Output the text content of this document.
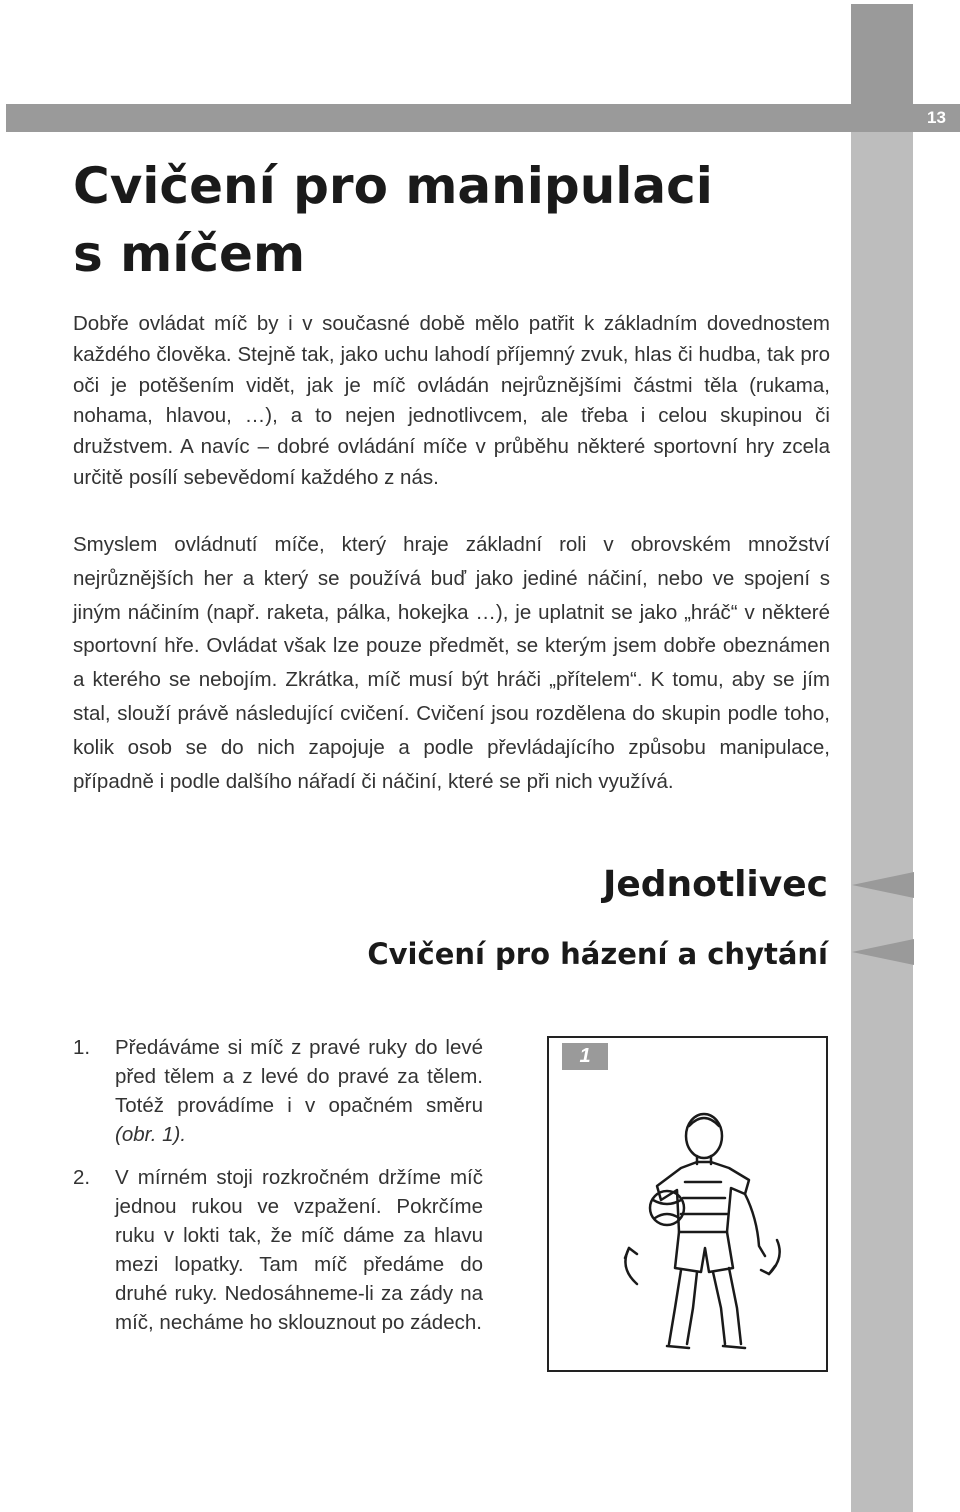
13
Cvičení pro manipulaci
s míčem

Dobře ovládat míč by i v současné době mělo patřit k základním dovednostem každého člověka. Stejně tak, jako uchu lahodí příjemný zvuk, hlas či hudba, tak pro oči je potěšením vidět, jak je míč ovládán nejrůznějšími částmi těla (rukama, nohama, hlavou, …), a to nejen jednotlivcem, ale třeba i celou skupinou či družstvem. A navíc – dobré ovládání míče v průběhu některé sportovní hry zcela určitě posílí sebevědomí každého z nás.

Smyslem ovládnutí míče, který hraje základní roli v obrovském množství nejrůznějších her a který se používá buď jako jediné náčiní, nebo ve spojení s jiným náčiním (např. raketa, pálka, hokejka …), je uplatnit se jako „hráč“ v některé sportovní hře. Ovládat však lze pouze předmět, se kterým jsem dobře obeznámen a kterého se nebojím. Zkrátka, míč musí být hráči „přítelem“. K tomu, aby se jím stal, slouží právě následující cvičení. Cvičení jsou rozdělena do skupin podle toho, kolik osob se do nich zapojuje a podle převládajícího způsobu manipulace, případně i podle dalšího nářadí či náčiní, které se při nich využívá.

Jednotlivec
Cvičení pro házení a chytání
1.	Předáváme si míč z pravé ruky do levé před tělem a z levé do pravé za tělem. Totéž provádíme i v opačném směru (obr. 1).
2.	V mírném stoji rozkročném držíme míč jednou rukou ve vzpažení. Pokrčíme ruku v lokti tak, že míč dáme za hlavu mezi lopatky. Tam míč předáme do druhé ruky. Nedosáhneme-li za zády na míč, necháme ho sklouznout po zádech.
1
